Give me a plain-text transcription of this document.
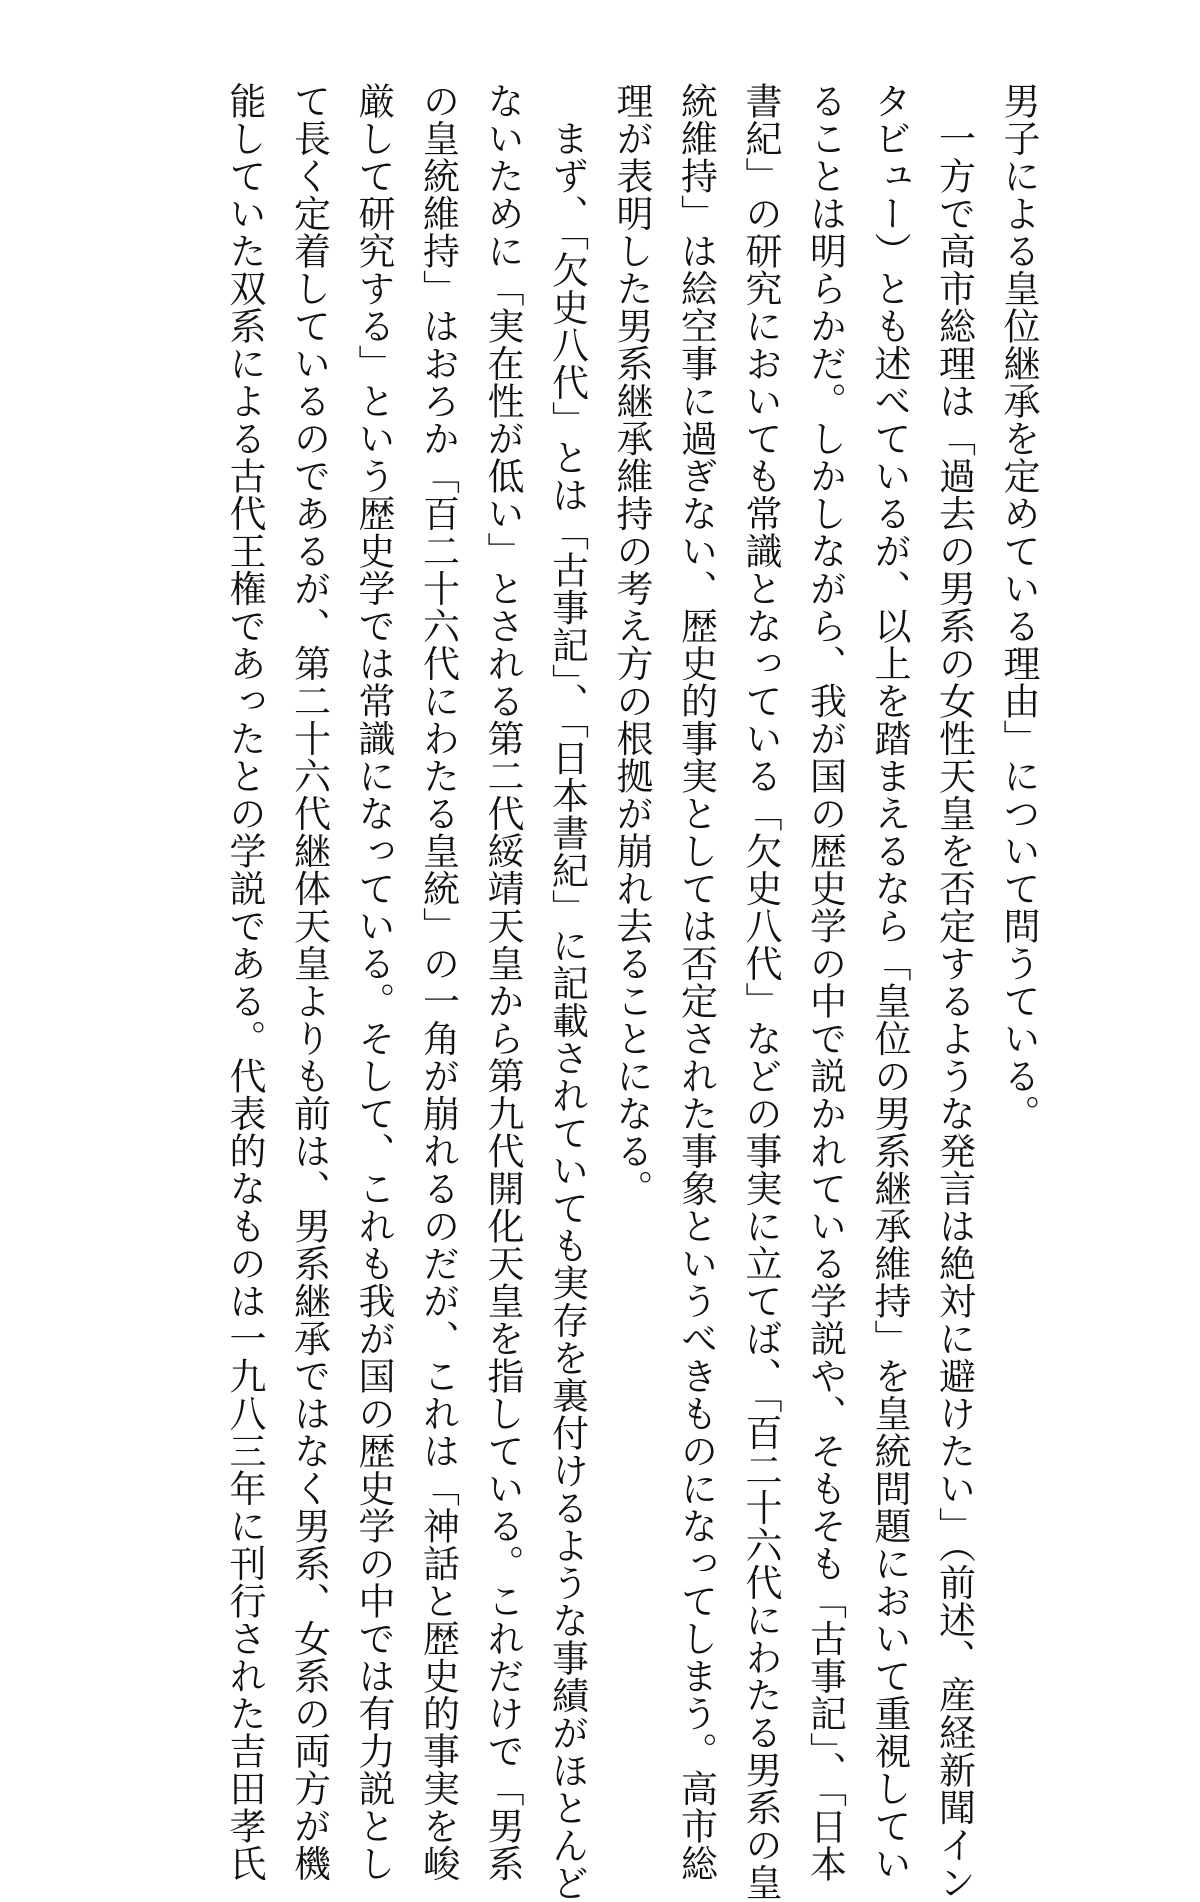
男子による皇位継承を定めている理由」について問うている。
　一方で高市総理は「過去の男系の女性天皇を否定するような発言は絶対に避けたい」（前述、産経新聞イン
タビュー）とも述べているが、以上を踏まえるなら「皇位の男系継承維持」を皇統問題において重視してい
ることは明らかだ。しかしながら、我が国の歴史学の中で説かれている学説や、そもそも「古事記」、「日本
書紀」の研究においても常識となっている「欠史八代」などの事実に立てば、「百二十六代にわたる男系の皇
統維持」は絵空事に過ぎない、歴史的事実としては否定された事象というべきものになってしまう。高市総
理が表明した男系継承維持の考え方の根拠が崩れ去ることになる。
　まず、「欠史八代」とは「古事記」、「日本書紀」に記載されていても実存を裏付けるような事績がほとんど
ないために「実在性が低い」とされる第二代綏靖天皇から第九代開化天皇を指している。これだけで「男系
の皇統維持」はおろか「百二十六代にわたる皇統」の一角が崩れるのだが、これは「神話と歴史的事実を峻
厳して研究する」という歴史学では常識になっている。そして、これも我が国の歴史学の中では有力説とし
て長く定着しているのであるが、第二十六代継体天皇よりも前は、男系継承ではなく男系、女系の両方が機
能していた双系による古代王権であったとの学説である。代表的なものは一九八三年に刊行された吉田孝氏
